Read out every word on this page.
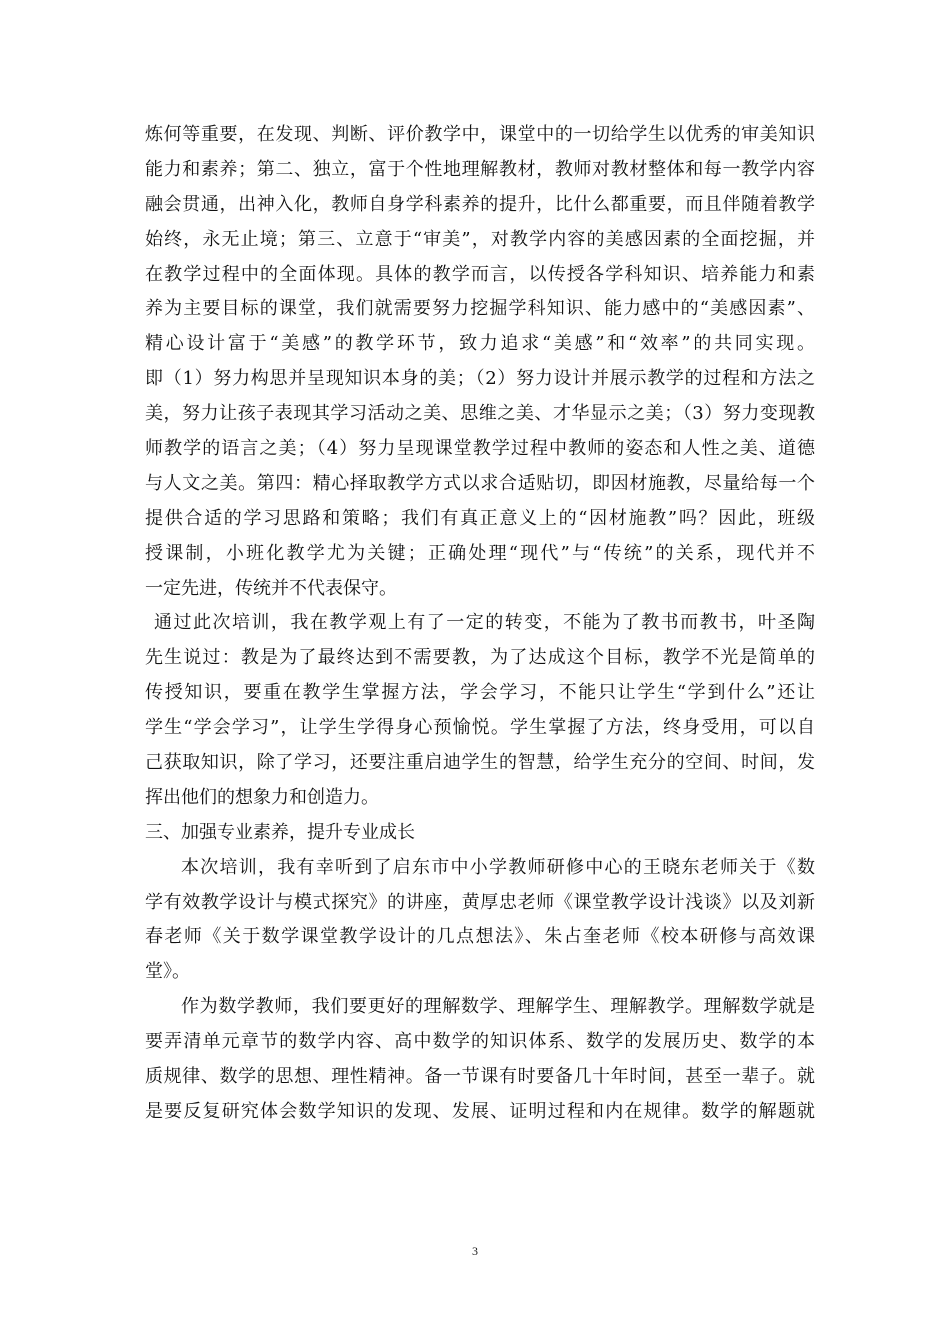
炼何等重要，在发现、判断、评价教学中，课堂中的一切给学生以优秀的审美知识
能力和素养；第二、独立，富于个性地理解教材，教师对教材整体和每一教学内容
融会贯通，出神入化，教师自身学科素养的提升，比什么都重要，而且伴随着教学
始终，永无止境；第三、立意于“审美”，对教学内容的美感因素的全面挖掘，并
在教学过程中的全面体现。具体的教学而言，以传授各学科知识、培养能力和素
养为主要目标的课堂，我们就需要努力挖掘学科知识、能力感中的“美感因素”、
精心设计富于“美感”的教学环节，致力追求“美感”和“效率”的共同实现。
即（1）努力构思并呈现知识本身的美；（2）努力设计并展示教学的过程和方法之
美，努力让孩子表现其学习活动之美、思维之美、才华显示之美；（3）努力变现教
师教学的语言之美；（4）努力呈现课堂教学过程中教师的姿态和人性之美、道德
与人文之美。第四：精心择取教学方式以求合适贴切，即因材施教，尽量给每一个
提供合适的学习思路和策略；我们有真正意义上的“因材施教”吗？因此，班级
授课制，小班化教学尤为关键；正确处理“现代”与“传统”的关系，现代并不
一定先进，传统并不代表保守。
通过此次培训，我在教学观上有了一定的转变，不能为了教书而教书，叶圣陶
先生说过：教是为了最终达到不需要教，为了达成这个目标，教学不光是简单的
传授知识，要重在教学生掌握方法，学会学习，不能只让学生“学到什么”还让
学生“学会学习”，让学生学得身心预愉悦。学生掌握了方法，终身受用，可以自
己获取知识，除了学习，还要注重启迪学生的智慧，给学生充分的空间、时间，发
挥出他们的想象力和创造力。
三、加强专业素养，提升专业成长
本次培训，我有幸听到了启东市中小学教师研修中心的王晓东老师关于《数
学有效教学设计与模式探究》的讲座，黄厚忠老师《课堂教学设计浅谈》以及刘新
春老师《关于数学课堂教学设计的几点想法》、朱占奎老师《校本研修与高效课
堂》。
作为数学教师，我们要更好的理解数学、理解学生、理解教学。理解数学就是
要弄清单元章节的数学内容、高中数学的知识体系、数学的发展历史、数学的本
质规律、数学的思想、理性精神。备一节课有时要备几十年时间，甚至一辈子。就
是要反复研究体会数学知识的发现、发展、证明过程和内在规律。数学的解题就
3
